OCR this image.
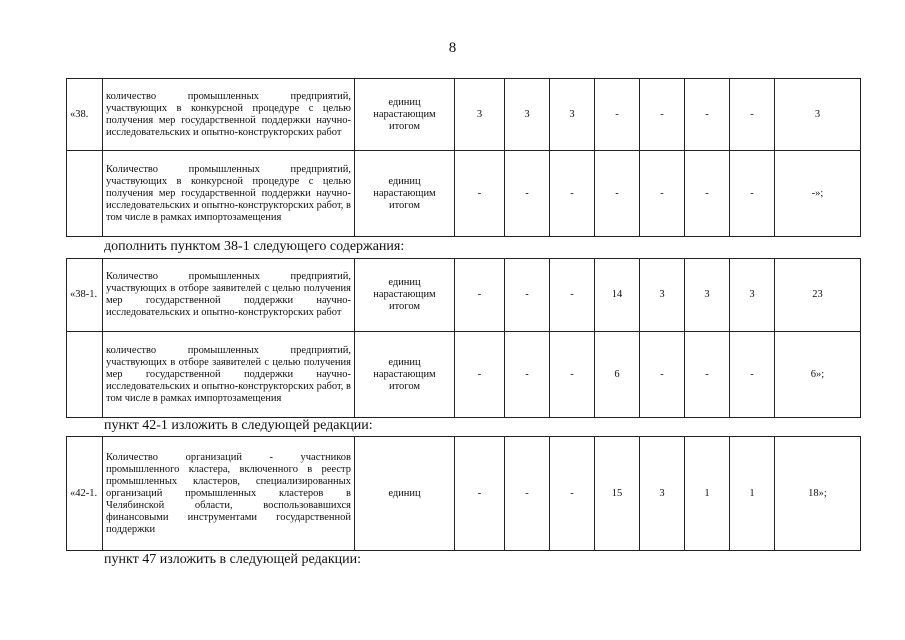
8
«38.	количество промышленных предприятий, участвующих в конкурсной процедуре с целью получения мер государственной поддержки научно-исследовательских и опытно-конструкторских работ	единиц нарастающим итогом	3	3	3	-	-	-	-	3
	Количество промышленных предприятий, участвующих в конкурсной процедуре с целью получения мер государственной поддержки научно-исследовательских и опытно-конструкторских работ, в том числе в рамках импортозамещения	единиц нарастающим итогом	-	-	-	-	-	-	-	-»;
дополнить пунктом 38-1 следующего содержания:
«38-1.	Количество промышленных предприятий, участвующих в отборе заявителей с целью получения мер государственной поддержки научно-исследовательских и опытно-конструкторских работ	единиц нарастающим итогом	-	-	-	14	3	3	3	23
	количество промышленных предприятий, участвующих в отборе заявителей с целью получения мер государственной поддержки научно-исследовательских и опытно-конструкторских работ, в том числе в рамках импортозамещения	единиц нарастающим итогом	-	-	-	6	-	-	-	6»;
пункт 42-1 изложить в следующей редакции:
«42-1.	Количество организаций - участников промышленного кластера, включенного в реестр промышленных кластеров, специализированных организаций промышленных кластеров в Челябинской области, воспользовавшихся финансовыми инструментами государственной поддержки	единиц	-	-	-	15	3	1	1	18»;
пункт 47 изложить в следующей редакции:
